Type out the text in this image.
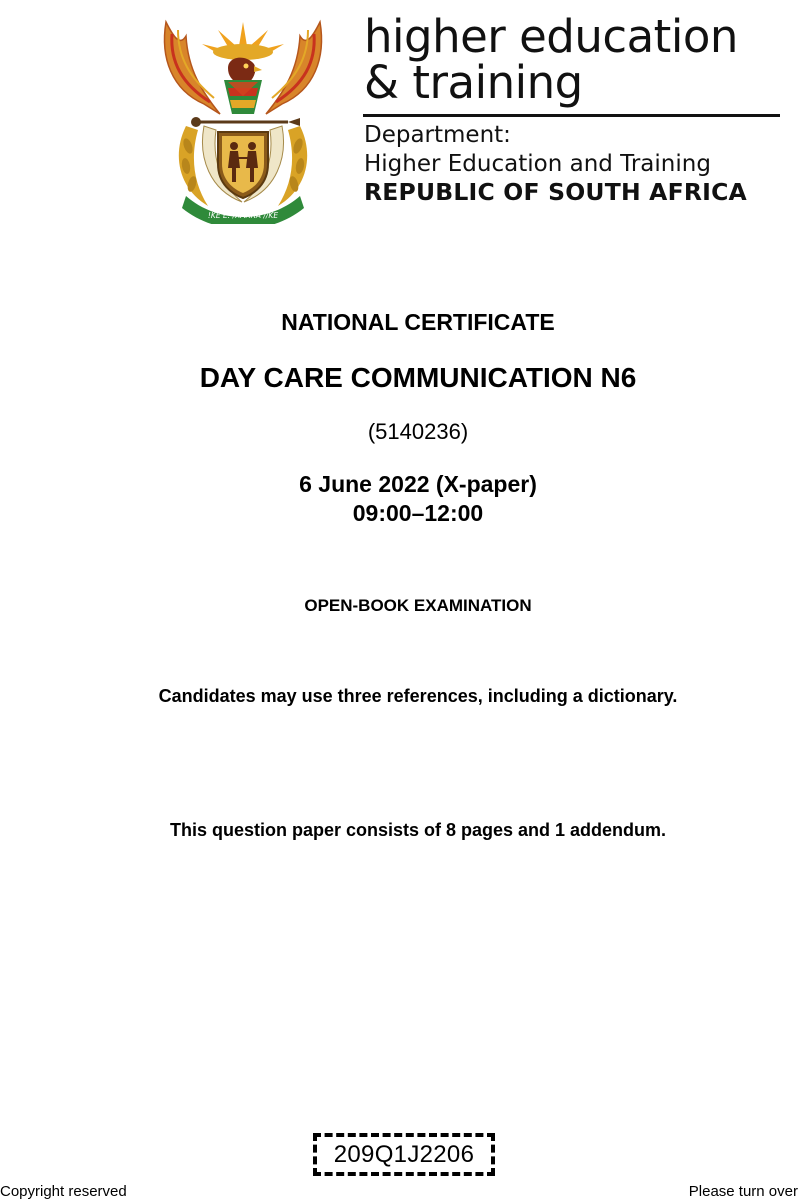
!KE E: /XARRA //KE
higher education
& training
Department:
Higher Education and Training
REPUBLIC OF SOUTH AFRICA
NATIONAL CERTIFICATE
DAY CARE COMMUNICATION N6
(5140236)
6 June 2022 (X-paper)
09:00–12:00
OPEN-BOOK EXAMINATION
Candidates may use three references, including a dictionary.
This question paper consists of 8 pages and 1 addendum.
209Q1J2206
Copyright reserved	Please turn over
